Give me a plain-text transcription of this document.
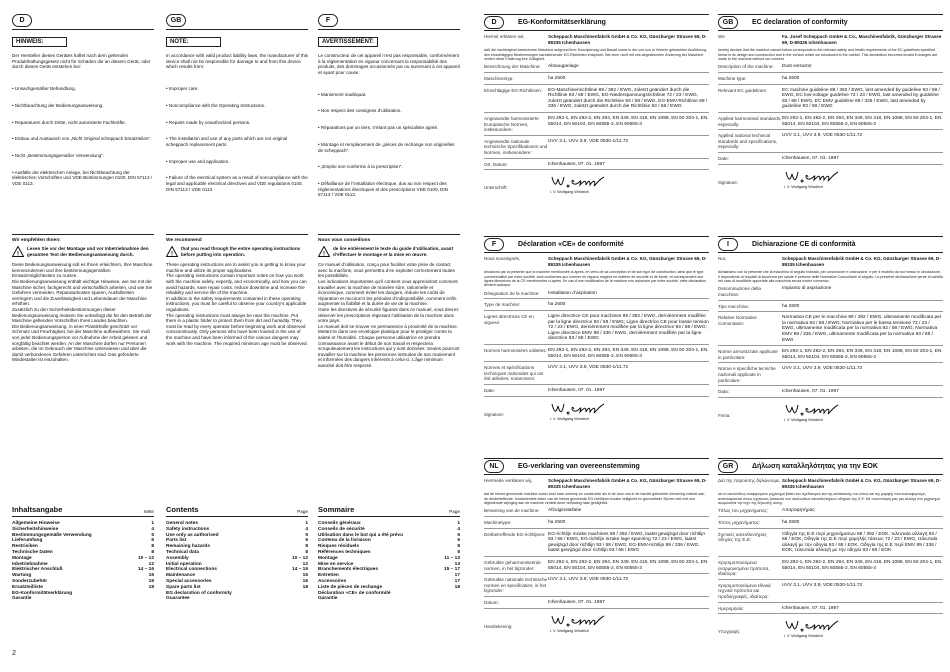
D
HINWEIS:
Der Hersteller dieses Gerätes haftet nach dem geltenden Produkthaftungsgesetz nicht für Schäden die an diesem Gerät, oder durch dieses Gerät entstehen bei:

• Unsachgemäßer Behandlung.

• Nichtbeachtung der Bedienungsanweisung.

• Reparaturen durch Dritte, nicht autorisierte Fachkräfte.

• Einbau und Austausch von „Nicht Original scheppach Ersatzteilen“.

• Nicht „Bestimmungsgemäßer Verwendung“.

• Ausfälle der elektrischen Anlage, bei Nichtbeachtung der elektrischen Vorschriften und VDE-Bestimmungen 0100, DIN 57113 / VDE 0113.

Wir empfehlen Ihnen:
!
Lesen Sie vor der Montage und vor Inbetriebnahme den gesamten Text der Bedienungsanweisung durch.
Diese Bedienungsanweisung soll es Ihnen erleichtern, Ihre Maschine kennenzulernen und ihre bestimmungsgemäßen Einsatzmöglichkeiten zu nutzen.
Die Bedienungsanweisung enthält wichtige Hinweise, wie Sie mit der Maschine sicher, fachgerecht und wirtschaftlich arbeiten, und wie Sie Gefahren vermeiden, Reparaturkosten sparen, Ausfallzeiten verringern und die Zuverlässigkeit und Lebensdauer der Maschine erhöhen.
Zusätzlich zu den Sicherheitsbestimmungen dieser Bedienungsanweisung müssen Sie unbedingt die für den Betrieb der Maschine geltenden Vorschriften Ihres Landes beachten.
Die Bedienungsanweisung, in einer Plastikhülle geschützt vor Schmutz und Feuchtigkeit, bei der Maschine aufbewahren. Sie muß von jeder Bedienungsperson vor Aufnahme der Arbeit gelesen und sorgfältig beachtet werden. An der Maschine dürfen nur Personen arbeiten, die im Gebrauch der Maschine unterwiesen und über die damit verbundenen Gefahren unterrichtet sind. Das geforderte Mindestalter ist einzuhalten.
Inhaltsangabe	Seite
Allgemeine Hinweise	1
Sicherheitshinweise	4
Bestimmungsgemäße Verwendung	5
Lieferumfang	6
Restrisiken	8
Technische Daten	8
Montage	10 – 12
Inbetriebnahme	12
Elektrischer Anschluß	14 – 16
Wartung	16
Sonderzubehör	16
Ersatzteilliste	18
EG-Konformitätserklärung
Garantie
GB
NOTE:
In accordance with valid product liability laws, the manufacturer of this device shall not be responsible for damage to and from this device which results from:

• Improper care.

• Noncompliance with the Operating Instructions.

• Repairs made by unauthorized persons.

• The installation and use of any parts which are not original scheppach replacement parts.

• Improper use and application.

• Failure of the electrical system as a result of noncompliance with the legal and applicable electrical directives and VDE regulations 0100, DIN 57113 / VDE 0113.

We recommend
!
that you read through the entire operating instructions before putting into operation.
These operating instructions are to assist you in getting to know your machine and utilize its proper applications.
The operating instructions contain important notes on how you work with the machine safely, expertly, and economically, and how you can avoid hazards, save repair costs, reduce downtime and increase the reliability and service life of the machine.
In addition to the safety requirements contained in these operating instructions, you must be careful to observe your country’s applicable regulations.
The operating instructions must always be near the machine. Put them in a plastic folder to protect them from dirt and humidity. They must be read by every operator before beginning work and observed conscientiously. Only persons who have been trained in the use of the machine and have been informed of the various dangers may work with the machine. The required minimum age must be observed.
Contents	Page
General notes	1
Safety instructions	4
Use only as authorised	5
Parts list	6
Remaining hazards	8
Technical data	8
Assembly	10 – 12
Initial operation	12
Electrical connections	14 – 16
Maintenance	16
Special accessories	16
Spare parts list	18
EG declaration of conformity
Guarantee
F
AVERTISSEMENT:
Le constructeur de cet appareil n’est pas responsable, conformément à la réglementation en vigueur concernant la responsabilité des produits, des dommages occasionnés par ou survenant à cet appareil et ayant pour cause:

• Maniement inadéquat.

• Non respect des consignes d’utilisation.

• Réparations par un tiers, n’étant pas un spécialiste agréé.

• Montage et remplacement de „pièces de rechange non originelles de scheppach“.

• „Emploi non-conforme à la prescription“.

• Défaillance de l’installation électrique, dus au non respect des réglementations électriques et des prescriptions VDE 0100, DIN 57113 / VDE 0113.

Nous vous conseillons
!
de lire entièrement le texte du guide d’utilisation, avant d’effectuer le montage et la mise en œuvre.
Ce manuel d’utilisation, conçu pour faciliter votre prise de contact avec la machine, vous permettra d’en exploiter correctement toutes les possibilités.
Les indications importantes qu’il contient vous apprendront comment travailler avec la machine de manière sûre, rationnelle et économique, comment éviter les dangers, réduire les coûts de réparation et raccourcir les périodes d’indisponibilité, comment enfin augmenter la fiabilité et la durée de vie de la machine.
Outre les directives de sécurité figurant dans ce manuel, vous devrez observer les prescriptions régissant l’utilisation de la machine dans votre pays.
Le manuel doit se trouver en permanence à proximité de la machine. Mettez-le dans une enveloppe plastique pour le protéger contre la saleté et l’humidité. Chaque personne utilisatrice en prendra connaissance avant le début de son travail et respectera scrupuleusement les instructions qui y sont données. Seules pourront travailler sur la machine les personnes instruites de son maniement et informées des dangers inhérents à celui-ci. L’âge minimum autorisé doit être respecté.
Sommaire	Page
Conseils généraux	1
Conseils de sécurité	4
Utilisation dans le but qui a été prévu	6
Contenu de la livraison	6
Risques résiduels	8
Références techniques	8
Montage	11 – 13
Mise en service	13
Branchements électriques	15 – 17
Entretien	17
Accessoires	17
Liste de pièces de rechange	18
Déclaration «CE» de conformité
Garantie
2
D	EG-Konformitätserklärung
Hiermit erklären wir,	Scheppach Maschinenfabrik GmbH & Co. KG, Günzburger Strasse 69, D-89335 Ichenhausen
daß die nachfolgend bezeichnete Maschine aufgrund ihrer Konzipierung und Bauart sowie in der von uns in Verkehr gebrachten Ausführung den einschlägigen Bestimmungen nachstehender EG-Richtlinien entspricht. Bei einer nicht mit uns abgestimmten Änderung der Maschine verliert diese Erklärung ihre Gültigkeit.
Bezeichnung der Maschine:	Absauganlage
Maschinentyp:	ha 2600
Einschlägige EG-Richtlinien:	EG-Maschinenrichtlinie 89 / 392 / EWG, zuletzt geändert durch die Richtlinie 93 / 68 / EWG, EG-Niederspannungsrichtlinie 72 / 23 / EWG, zuletzt geändert durch die Richtlinie 93 / 68 / EWG, EG-EMV-Richtlinie 89 / 336 / EWG, zuletzt geändert durch die Richtlinie 93 / 68 / EWG
Angewandte harmonisierte Europäische Normen, insbesondere:
EN 292-1, EN 292-2, EN 294, EN 349, EN 418, EN 1088, EN 60 204-1, EN 55014, EN 50104, EN 60555-2, EN 60555-3
Angewandte nationale technische Spezifikationen und Normen, insbesondere:
UVV 3.1, UVV 3.9, VDE 0530-1/11.72
Ort, Datum:	Ichenhausen, 07. 01. 1997
Unterschrift:
i. V. Wolfgang Windrich
GB	EC declaration of conformity
We	Fa. Josef Scheppach GmbH & Co., Maschinenfabrik, Günzburger Strasse 69, D-89335 Ichenhausen
hereby declare that the machine named below corresponds to the relevant safety and health requirements of the EC guidelines specified below in its design and construction and in the version which we introduced to the market. This declaration becomes invalid if changes are made to the machine without our consent.
Description of the machine:	Dust extractor
Machine type:	ha 2600
Relevant EC guidelines:	EC machine guideline 89 / 392 / EWG, last amended by guideline 93 / 68 / EWG, EC low-voltage guideline 72 / 23 / EWG, last amended by guideline 93 / 68 / EWG, EC EMV guideline 89 / 336 / EWG, last amended by guideline 93 / 68 / EWG
Applied harmonised standards, especially:
EN 292-1, EN 292-2, EN 294, EN 349, EN 418, EN 1088, EN 60 204-1, EN 55014, EN 50104, EN 60555-2, EN 60555-3
Applied national technical standards and specifications, especially:
UVV 3.1, UVV 3.9, VDE 0530-1/11.72
Date:	Ichenhausen, 07. 01. 1997
Signature:
i. V. Wolfgang Windrich
F	Déclaration «CE» de conformité
Nous soussignés,	Scheppach Maschinenfabrik GmbH & Co. KG, Günzburger Strasse 69, D-89335 Ichenhausen
déclarons par la présente que la machine mentionnée ci-après, en vertu de sa conception et de son type de construction, ainsi que le type commercialisé par notre société, sont conformes aux normes en vigueur exigées en matière de sécurité et de santé, et correspondent aux lignes directrices de la CE mentionnées ci-après. En cas d’une modification de la machine non autorisée par notre société, cette déclaration devient caduque.
Désignation de la machine:	Installation d’aspiration
Type de machine:	ha 2600
Lignes directrices CE en vigueur:
Ligne directrice CE pour machines 89 / 392 / EWG, dernièrement modifiée par la ligne directrice 93 / 68 / EWG; Ligne directrice CE pour basse tension 72 / 23 / EWG, dernièrement modifiée par la ligne directrice 93 / 68 / EWG; Ligne directrice EMV 89 / 336 / EWG, dernièrement modifiée par la ligne directrice 93 / 68 / EWG
Normes harmonisées utilisées: EN 292-1, EN 292-2, EN 294, EN 349, EN 418, EN 1088, EN 60 204-1, EN 55014, EN 50104, EN 60555-2, EN 60555-3
Normes et spécifications techniques nationales qui ont été utilisées, notamment:
UVV 3.1, UVV 3.9, VDE 0530-1/11.72
Date:	Ichenhausen, 07. 01. 1997
Signature:
i. V. Wolfgang Windrich
I	Dichiarazione CE di conformità
Noi,	Scheppach Maschinenfabrik GmbH & Co. KG, Günzburger Strasse 69, D-89335 Ichenhausen
dichiariamo con la presente che la macchina di seguito indicata, per concezione e costruzione, e per il modello da noi messo in circolazione, è rispondente ai requisiti di sicurezza per salute e persone delle Normative Comunitarie di seguito. La presente dichiarazione perde di validità nel caso di modifiche apportate alla macchina senza nostro consenso.
Denominazione della macchina:
Impianto di aspirazione
Tipo macchina:	ha 2600
Relative Normative Comunitarie:
Normativa CE per le macchine 89 / 392 / EWG, ultimamente modificata per la normativa 93 / 68 / EWG; Normativa per le bassa tensione 72 / 23 / EWG, ultimamente modificata per la normativa 93 / 68 / EWG; Normativa EMV 89 / 336 / EWG, ultimamente modificata per la normativa 93 / 68 / EWG
Norme armonizzate applicate in particolare:
EN 292-1, EN 292-2, EN 294, EN 349, EN 418, EN 1088, EN 60 204-1, EN 55014, EN 50104, EN 60555-2, EN 60555-3
Norme e specifiche tecniche nazionali applicate in particolare:
UVV 3.1, UVV 3.9, VDE 0530-1/11.72
Data:	Ichenhausen, 07. 01. 1997
Firma:
i. V. Wolfgang Windrich
NL	EG-verklaring van overeenstemming
Hiermede verklaren wij,	Scheppach Maschinenfabrik GmbH & Co. KG, Günzburger Strasse 69, D-89335 Ichenhausen
dat de hierna genoemde machine zowel door haar ontwerp en constructie als in de door ons in de handel gebrachte uitvoering voldoet aan de desbetreffende, fundamentele eisen van de hierna genoemde EG-richtlijnen inzake veiligheid en gezondheid. Bij een niet met ons afgestemde wijziging aan de machine verliest deze verklaring haar geldigheid.
Benaming van de machine:	Afzuiginstallatie
Machinetype:	ha 2600
Desbetreffende EG-richtlijnen: EG-richtlijn inzake machines 89 / 392 / EWG, laatst gewijzigd door richtlijn 93 / 68 / EWG, EG-richtlijn inzake lage spanning 72 / 23 / EWG, laatst gewijzigd door richtlijn 93 / 68 / EWG, EG-EMV-richtlijn 89 / 336 / EWG, laatst gewijzigd door richtlijn 93 / 68 / EWG
Gebruikte geharmoniseerde normen, in het bijzonder:
EN 292-1, EN 292-2, EN 294, EN 349, EN 418, EN 1088, EN 60 204-1, EN 55014, EN 50104, EN 60555-2, EN 60555-3
Gebruikte nationale technische normen en specificaties, in het bijzonder:
UVV 3.1, UVV 3.9, VDE 0530-1/11.72
Datum:	Ichenhausen, 07. 01. 1997
Handtekening:
i. V. Wolfgang Windrich
GR	Δήλωση καταλληλότητας για την ΕΟΚ
Διά της παρούσης δηλώνουμε, Scheppach Maschinenfabrik GmbH & Co. KG, Günzburger Strasse 69, D-89335 Ichenhausen
ότι το ακολούθως αναφερόμενο μηχάνημα βάσει του σχεδιασμού και της κατασκευής του όπως και της μορφής που κυκλοφορούμε, ανταποκρίνεται στους σχετικούς βασικούς των ακολούθων κατευθυντήριων οδηγιών της Ε.Ε. Με συνεννόηση μας μια αλλαγή στο μηχάνημα ακυρώνεται την ισχύ της δήλωσης αυτής.
Τίτλος του μηχανήματος:	Αποροφητήρας
Τύπος μηχανήματος:	ha 2600
Σχετικές κατευθυντήριες οδηγίες της Ε.Ε:
Οδηγία της Ε.Ε περί μηχανήματων 89 / 392 / EOK, τελευταία αλλαγή 93 / 68 / EOK, Οδηγία της Ε.Ε περί χαμηλής τάσεως 72 / 23 / EWG, τελευταία αλλαγή με την οδηγία 93 / 68 / EOK, Οδηγία της Ε.Ε περί EMV 89 / 336 / EOK, τελευταία αλλαγή με την οδηγία 93 / 68 / EOK
Χρησιμοποιούμενα εναρμονισμένα πρότυπα, ιδιαίτερα:
EN 292-1, EN 292-2, EN 294, EN 349, EN 418, EN 1088, EN 60 204-1, EN 55014, EN 50104, EN 60555-2, EN 60555-3
Χρησιμοποιούμενα εθνικά τεχνικά πρότυπα και προδιαγραφές, ιδιαίτερα:
UVV 3.1, UVV 3.9, VDE 0530-1/11.72
Ημερομηνία:	Ichenhausen, 07. 01. 1997
Υπογραφή:
i. V. Wolfgang Windrich
